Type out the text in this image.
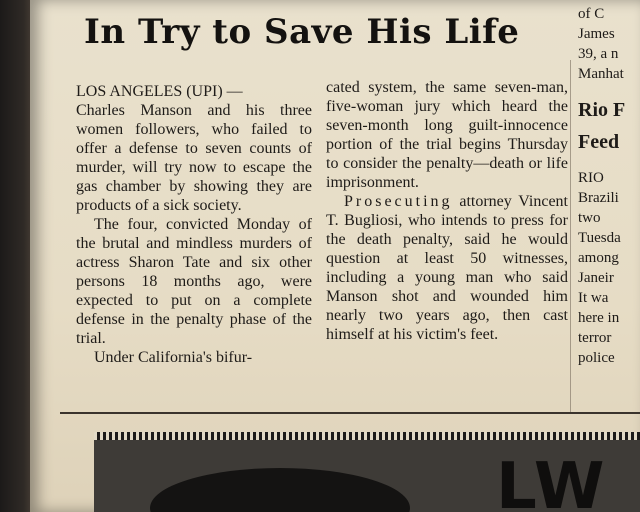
In Try to Save His Life

LOS ANGELES (UPI) —

Charles Manson and his three women followers, who failed to offer a defense to seven counts of murder, will try now to escape the gas chamber by showing they are products of a sick society.

The four, convicted Monday of the brutal and mindless murders of actress Sharon Tate and six other persons 18 months ago, were expected to put on a complete defense in the penalty phase of the trial.

Under California's bifur-

cated system, the same seven-man, five-woman jury which heard the seven-month long guilt-innocence portion of the trial begins Thursday to consider the penalty—death or life imprisonment.

Prosecuting attorney Vincent T. Bugliosi, who intends to press for the death penalty, said he would question at least 50 witnesses, including a young man who said Manson shot and wounded him nearly two years ago, then cast himself at his victim's feet.

of C
James
39, a n
Manhat
Rio F
Feed
RIO
Brazili
two
Tuesda
among
Janeir
It wa
here in
terror
police
LW
